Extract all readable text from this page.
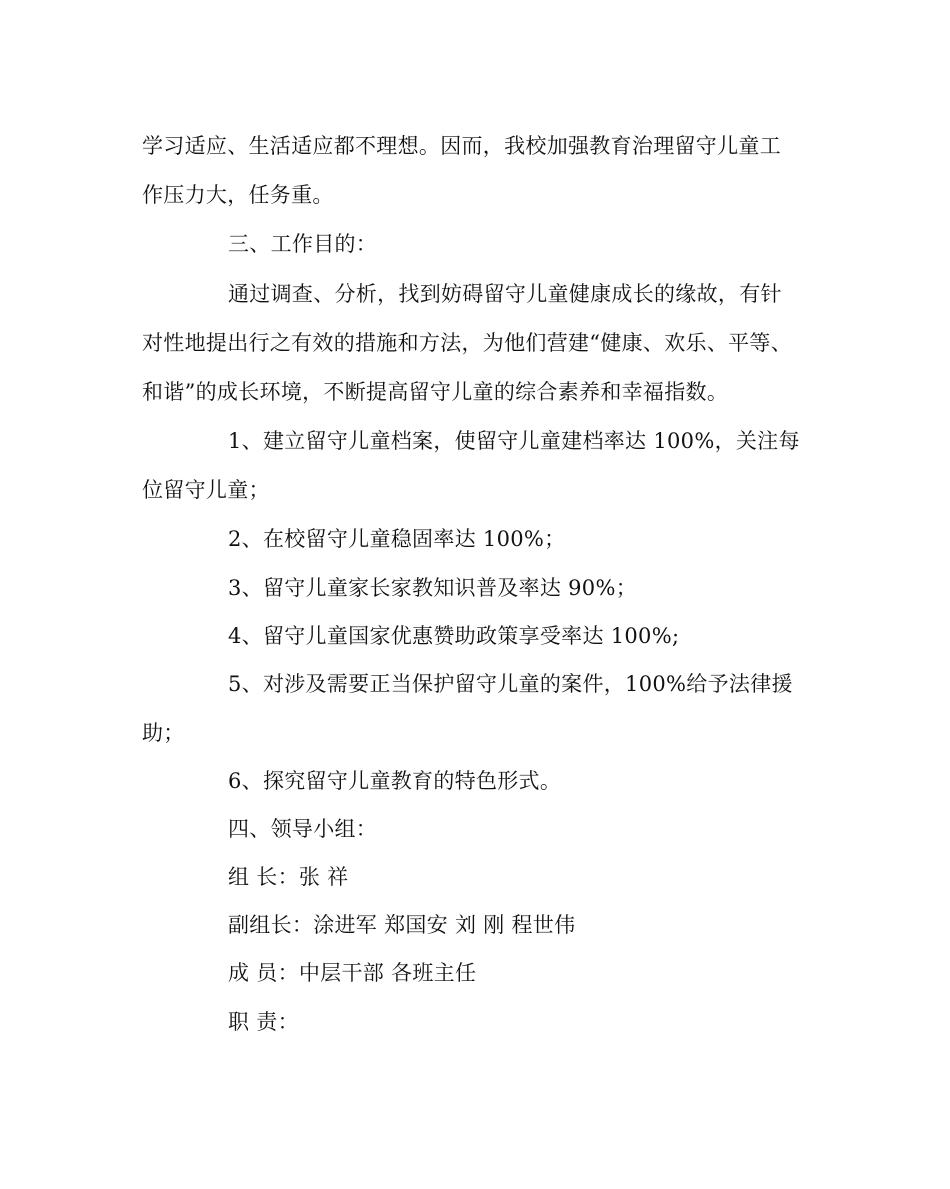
学习适应、生活适应都不理想。因而，我校加强教育治理留守儿童工
作压力大，任务重。
三、工作目的：
通过调查、分析，找到妨碍留守儿童健康成长的缘故，有针
对性地提出行之有效的措施和方法，为他们营建“健康、欢乐、平等、
和谐”的成长环境，不断提高留守儿童的综合素养和幸福指数。
1、建立留守儿童档案，使留守儿童建档率达 100%，关注每
位留守儿童；
2、在校留守儿童稳固率达 100%；
3、留守儿童家长家教知识普及率达 90%；
4、留守儿童国家优惠赞助政策享受率达 100%;
5、对涉及需要正当保护留守儿童的案件，100%给予法律援
助；
6、探究留守儿童教育的特色形式。
四、领导小组：
组 长：张 祥
副组长：涂进军 郑国安 刘 刚 程世伟
成 员：中层干部 各班主任
职 责：
